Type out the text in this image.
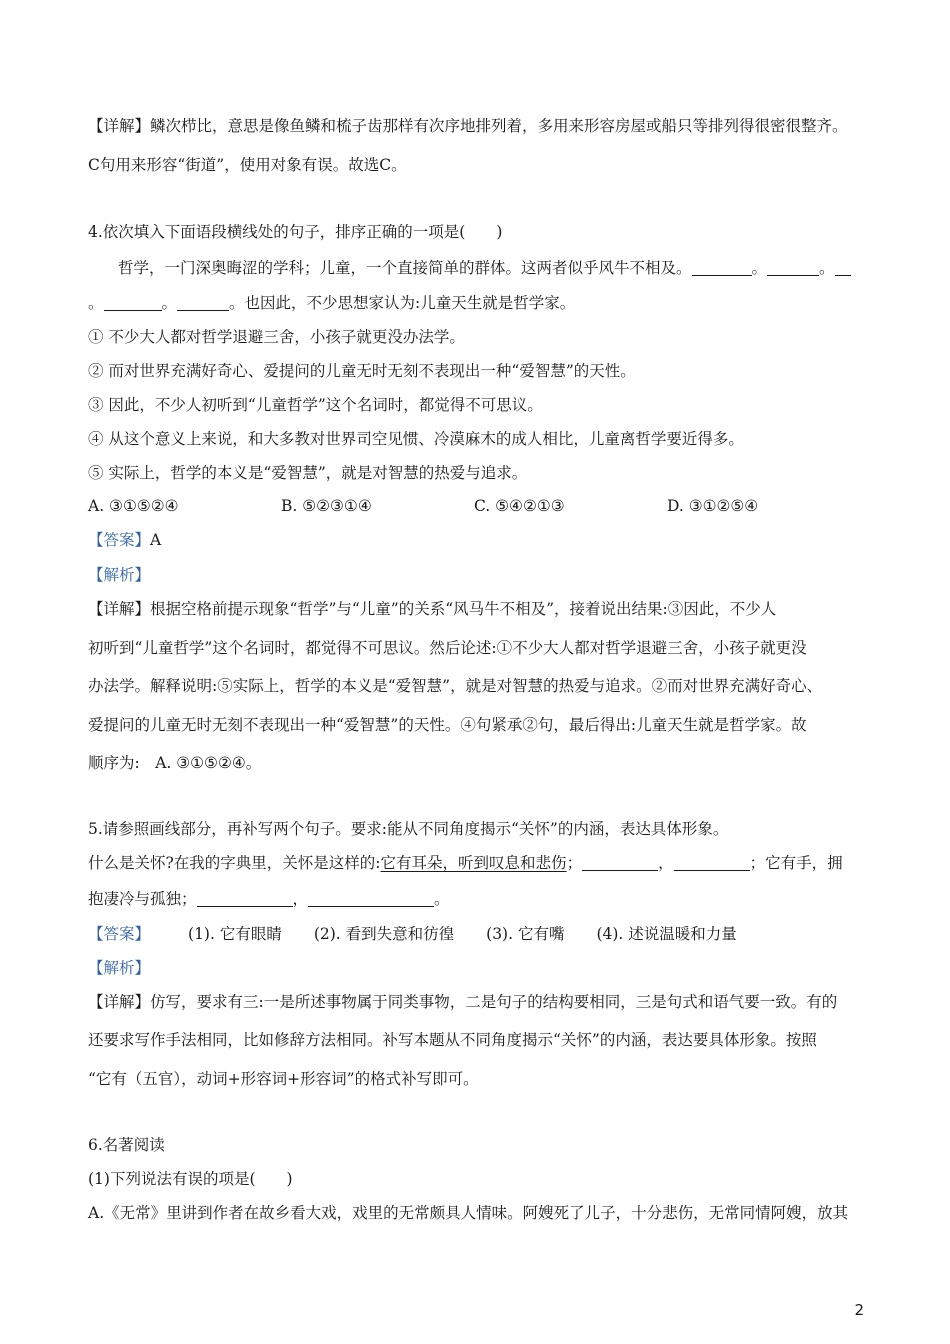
【详解】鳞次栉比，意思是像鱼鳞和梳子齿那样有次序地排列着，多用来形容房屋或船只等排列得很密很整齐。
C句用来形容“街道”，使用对象有误。故选C。
4.依次填入下面语段横线处的句子，排序正确的一项是(　　)
哲学，一门深奥晦涩的学科；儿童，一个直接简单的群体。这两者似乎风牛不相及。	。	。
。	。	。也因此，不少思想家认为:儿童天生就是哲学家。
① 不少大人都对哲学退避三舍，小孩子就更没办法学。
② 而对世界充满好奇心、爱提问的儿童无时无刻不表现出一种“爱智慧”的天性。
③ 因此，不少人初听到“儿童哲学”这个名词时，都觉得不可思议。
④ 从这个意义上来说，和大多教对世界司空见惯、冷漠麻木的成人相比，儿童离哲学要近得多。
⑤ 实际上，哲学的本义是“爱智慧”，就是对智慧的热爱与追求。
A. ③①⑤②④	B. ⑤②③①④	C. ⑤④②①③	D. ③①②⑤④
【答案】A
【解析】
【详解】根据空格前提示现象“哲学”与“儿童”的关系“风马牛不相及”，接着说出结果:③因此，不少人
初听到“儿童哲学”这个名词时，都觉得不可思议。然后论述:①不少大人都对哲学退避三舍，小孩子就更没
办法学。解释说明:⑤实际上，哲学的本义是“爱智慧”，就是对智慧的热爱与追求。②而对世界充满好奇心、
爱提问的儿童无时无刻不表现出一种“爱智慧”的天性。④句紧承②句，最后得出:儿童天生就是哲学家。故
顺序为:　A. ③①⑤②④。
5.请参照画线部分，再补写两个句子。要求:能从不同角度揭示“关怀”的内涵，表达具体形象。
什么是关怀?在我的字典里，关怀是这样的:它有耳朵，听到叹息和悲伤；	，	；它有手，拥
抱凄冷与孤独；	，	。
【答案】 (1). 它有眼睛 (2). 看到失意和彷徨 (3). 它有嘴 (4). 述说温暖和力量
【解析】
【详解】仿写，要求有三:一是所述事物属于同类事物，二是句子的结构要相同，三是句式和语气要一致。有的
还要求写作手法相同，比如修辞方法相同。补写本题从不同角度揭示“关怀”的内涵，表达要具体形象。按照
“它有（五官），动词+形容词+形容词”的格式补写即可。
6.名著阅读
(1)下列说法有误的项是(　　)
A.《无常》里讲到作者在故乡看大戏，戏里的无常颇具人情味。阿嫂死了儿子，十分悲伤，无常同情阿嫂，放其
2
